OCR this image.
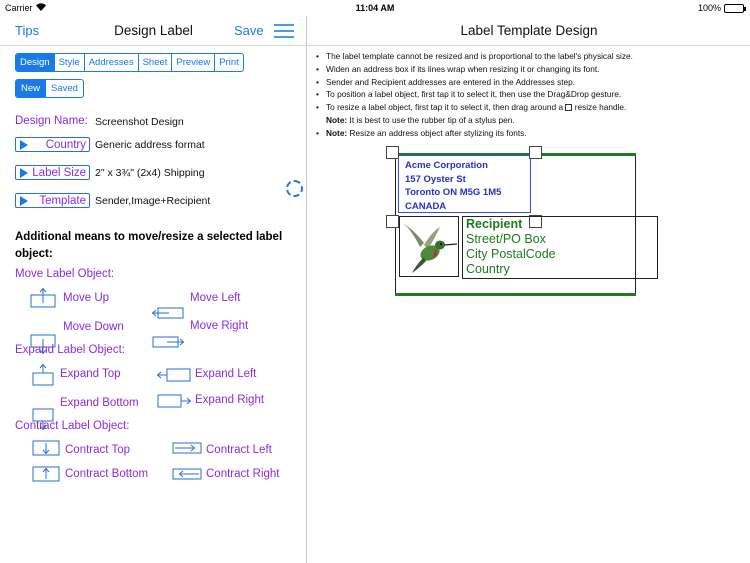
Carrier	11:04 AM	100%
Tips	Design Label	Save
Design Style Addresses Sheet Preview Print
New	Saved
Design Name: Screenshot Design
Country Generic address format
Label Size 2" x 3¾" (2x4) Shipping
Template Sender,Image+Recipient
Additional means to move/resize a selected label object:
Move Label Object:
Move Up	Move Left
Move Down	Move Right
Expand Label Object:
Expand Top	Expand Left
Expand Bottom	Expand Right
Contract Label Object:
Contract Top	Contract Left
Contract Bottom	Contract Right
Label Template Design
• The label template cannot be resized and is proportional to the label's physical size.
• Widen an address box if its lines wrap when resizing it or changing its font.
• Sender and Recipient addresses are entered in the Addresses step.
• To position a label object, first tap it to select it, then use the Drag&Drop gesture.
• To resize a label object, first tap it to select it, then drag around a resize handle.
Note: It is best to use the rubber tip of a stylus pen.
• Note: Resize an address object after stylizing its fonts.
Acme Corporation
157 Oyster St
Toronto ON M5G 1M5
CANADA
Recipient
Street/PO Box
City PostalCode
Country
